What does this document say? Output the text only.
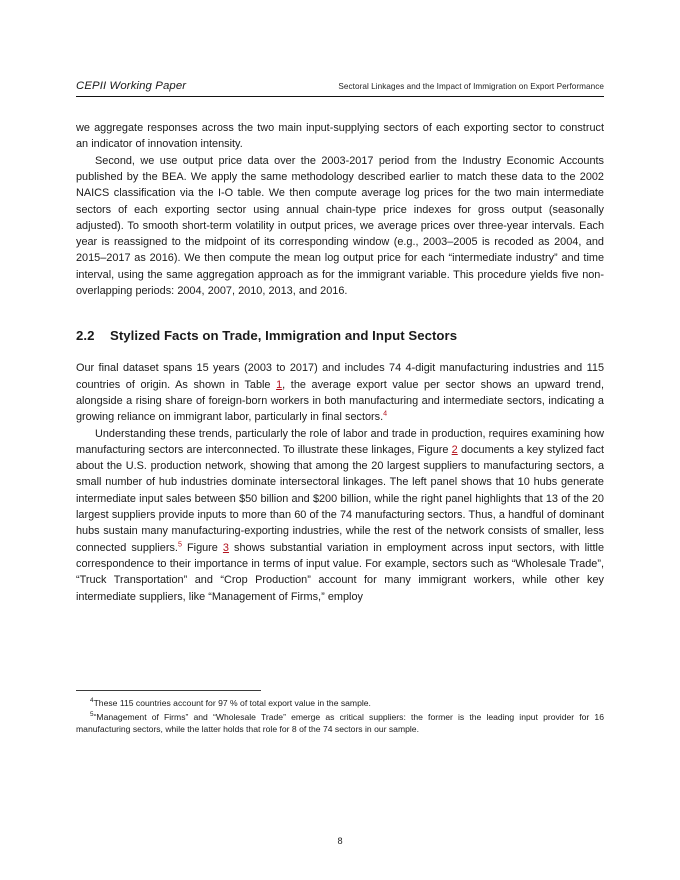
CEPII Working Paper	Sectoral Linkages and the Impact of Immigration on Export Performance

we aggregate responses across the two main input-supplying sectors of each exporting sector to construct an indicator of innovation intensity.

Second, we use output price data over the 2003-2017 period from the Industry Economic Accounts published by the BEA. We apply the same methodology described earlier to match these data to the 2002 NAICS classification via the I-O table. We then compute average log prices for the two main intermediate sectors of each exporting sector using annual chain-type price indexes for gross output (seasonally adjusted). To smooth short-term volatility in output prices, we average prices over three-year intervals. Each year is reassigned to the midpoint of its corresponding window (e.g., 2003–2005 is recoded as 2004, and 2015–2017 as 2016). We then compute the mean log output price for each “intermediate industry” and time interval, using the same aggregation approach as for the immigrant variable. This procedure yields five non-overlapping periods: 2004, 2007, 2010, 2013, and 2016.

2.2 Stylized Facts on Trade, Immigration and Input Sectors

Our final dataset spans 15 years (2003 to 2017) and includes 74 4-digit manufacturing industries and 115 countries of origin. As shown in Table 1, the average export value per sector shows an upward trend, alongside a rising share of foreign-born workers in both manufacturing and intermediate sectors, indicating a growing reliance on immigrant labor, particularly in final sectors.$^4$

Understanding these trends, particularly the role of labor and trade in production, requires examining how manufacturing sectors are interconnected. To illustrate these linkages, Figure 2 documents a key stylized fact about the U.S. production network, showing that among the 20 largest suppliers to manufacturing sectors, a small number of hub industries dominate intersectoral linkages. The left panel shows that 10 hubs generate intermediate input sales between $50 billion and $200 billion, while the right panel highlights that 13 of the 20 largest suppliers provide inputs to more than 60 of the 74 manufacturing sectors. Thus, a handful of dominant hubs sustain many manufacturing-exporting industries, while the rest of the network consists of smaller, less connected suppliers.$^5$ Figure 3 shows substantial variation in employment across input sectors, with little correspondence to their importance in terms of input value. For example, sectors such as “Wholesale Trade”, “Truck Transportation” and “Crop Production” account for many immigrant workers, while other key intermediate suppliers, like “Management of Firms,” employ

$^4$These 115 countries account for 97 % of total export value in the sample.

$^5$“Management of Firms” and “Wholesale Trade” emerge as critical suppliers: the former is the leading input provider for 16 manufacturing sectors, while the latter holds that role for 8 of the 74 sectors in our sample.

8
